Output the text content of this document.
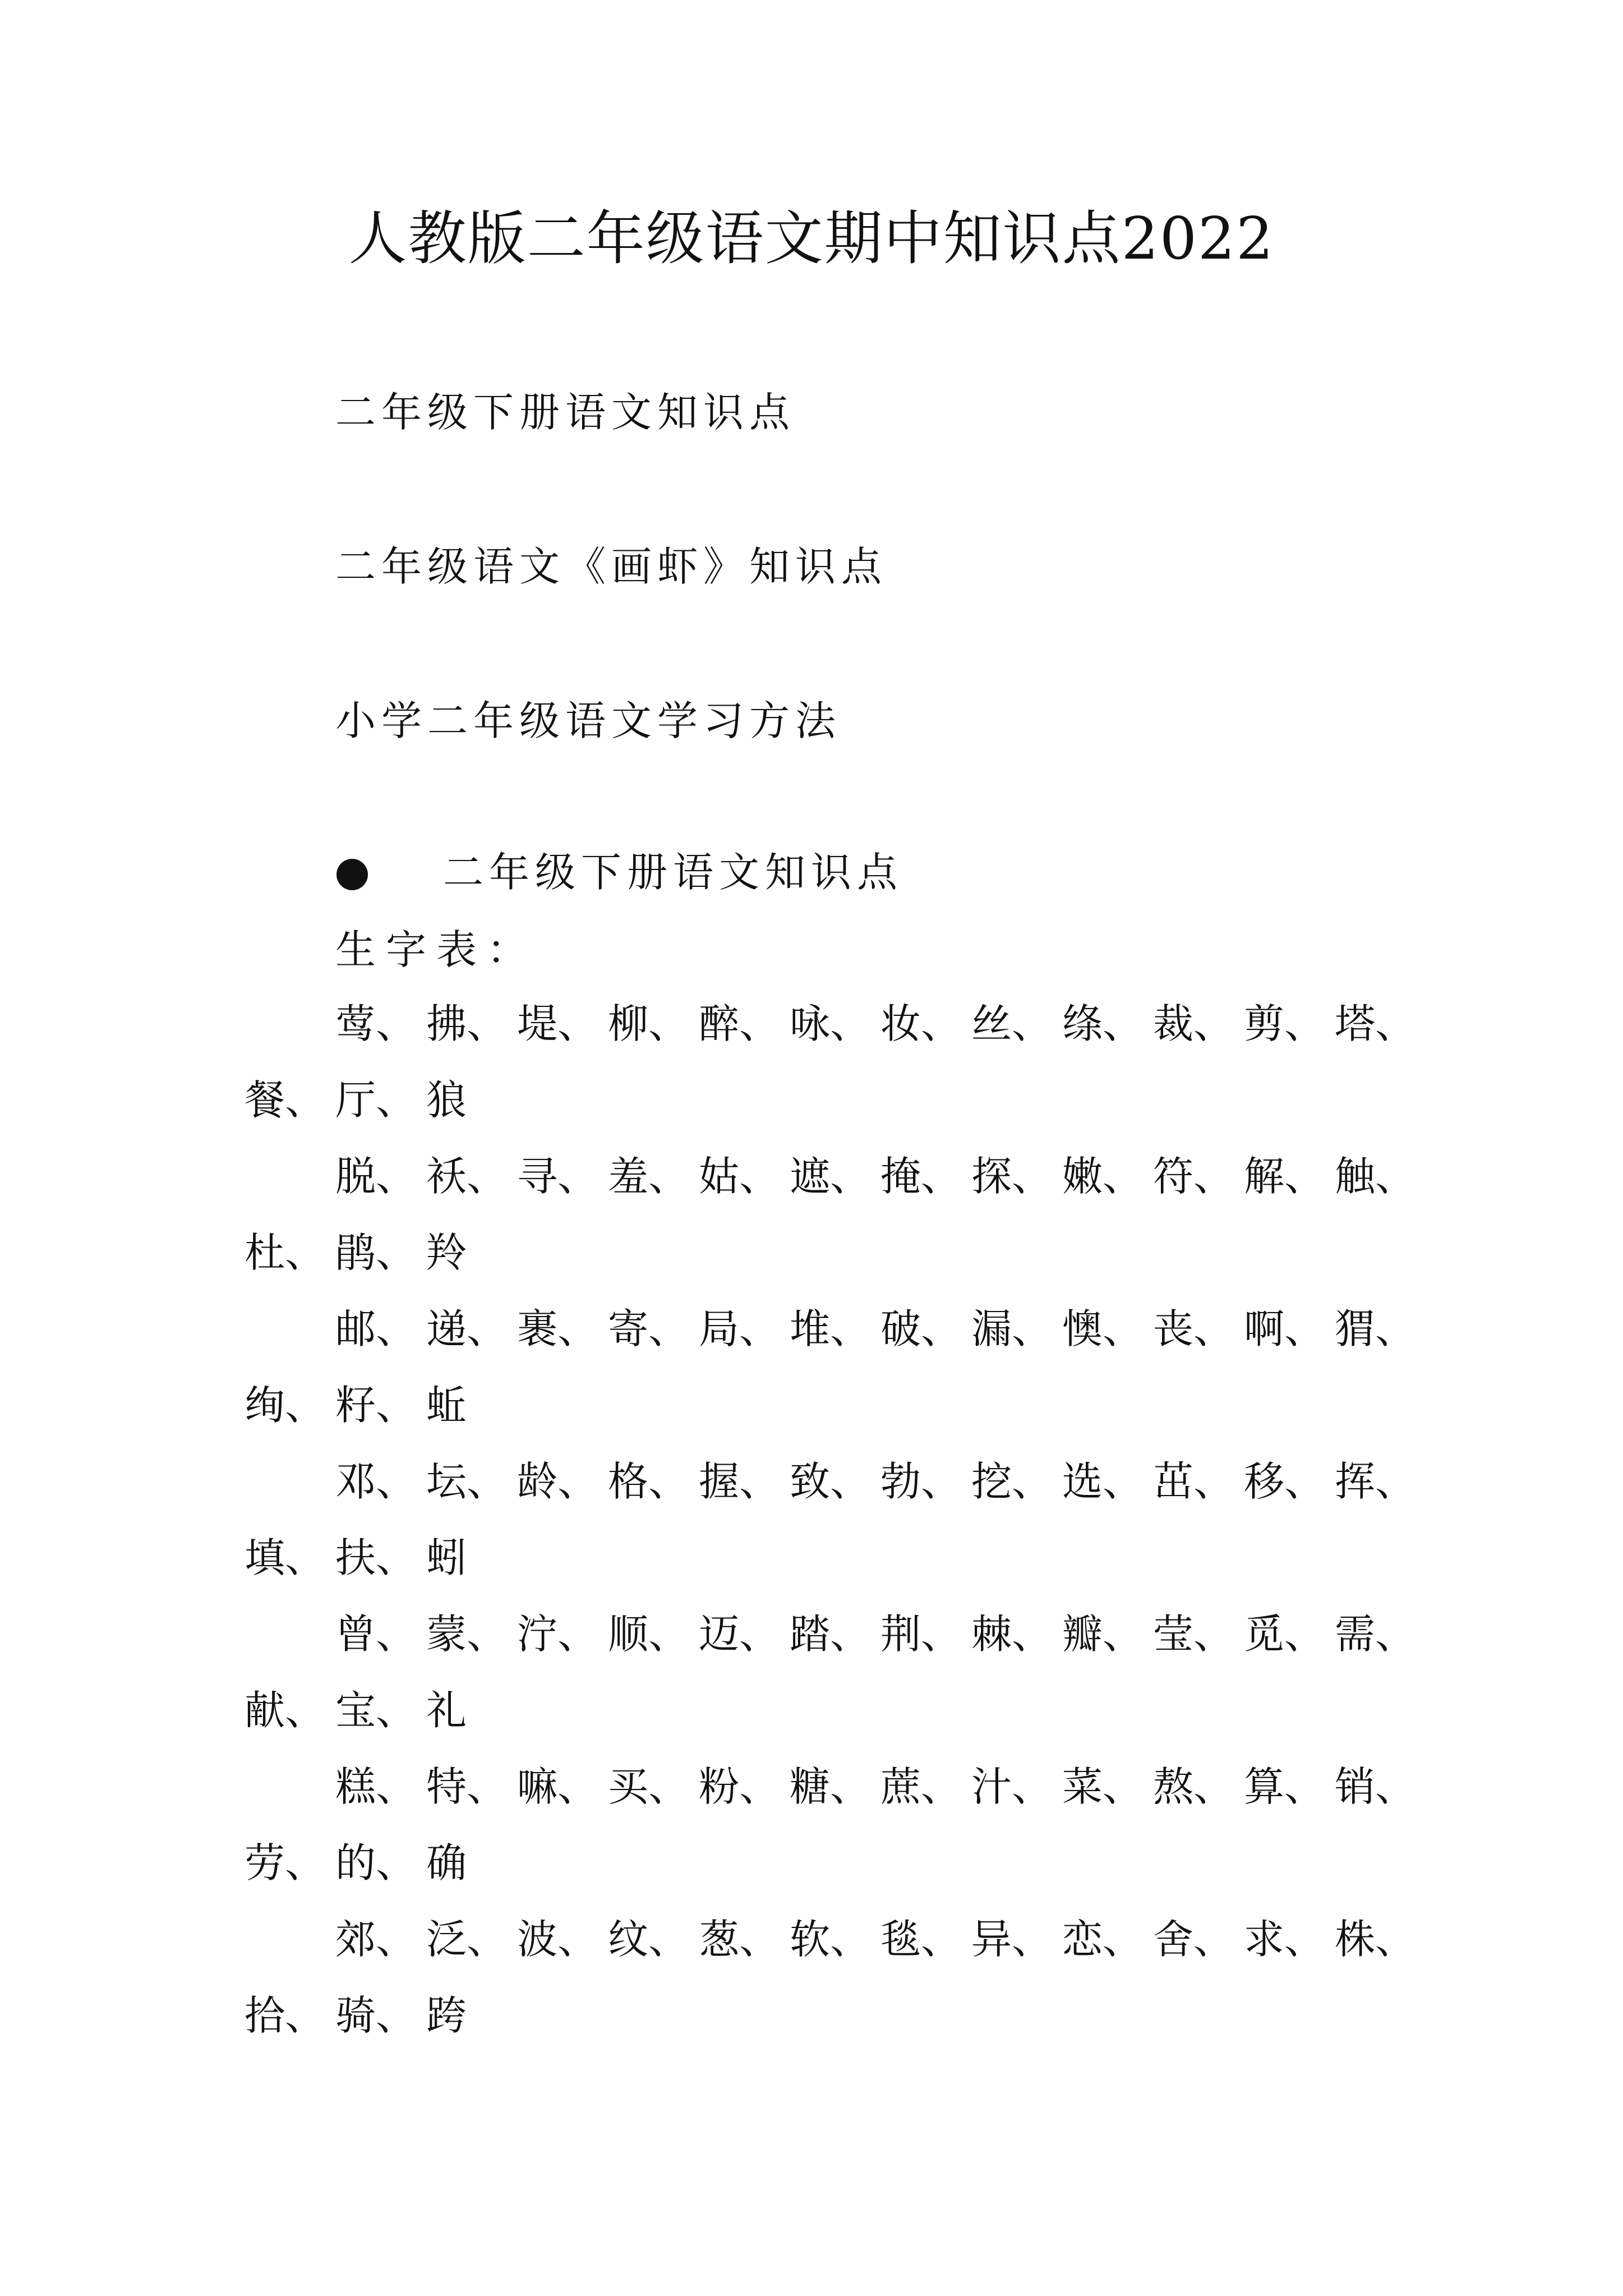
人教版二年级语文期中知识点2022
二年级下册语文知识点
二年级语文《画虾》知识点
小学二年级语文学习方法
二年级下册语文知识点
生字表：
莺、 拂、 堤、 柳、 醉、 咏、 妆、 丝、 绦、 裁、 剪、 塔、
餐、 厅、 狼
脱、 袄、 寻、 羞、 姑、 遮、 掩、 探、 嫩、 符、 解、 触、
杜、 鹃、 羚
邮、 递、 裹、 寄、 局、 堆、 破、 漏、 懊、 丧、 啊、 猬、
绚、 籽、 蚯
邓、 坛、 龄、 格、 握、 致、 勃、 挖、 选、 茁、 移、 挥、
填、 扶、 蚓
曾、 蒙、 泞、 顺、 迈、 踏、 荆、 棘、 瓣、 莹、 觅、 需、
献、 宝、 礼
糕、 特、 嘛、 买、 粉、 糖、 蔗、 汁、 菜、 熬、 算、 销、
劳、 的、 确
郊、 泛、 波、 纹、 葱、 软、 毯、 异、 恋、 舍、 求、 株、
拾、 骑、 跨
